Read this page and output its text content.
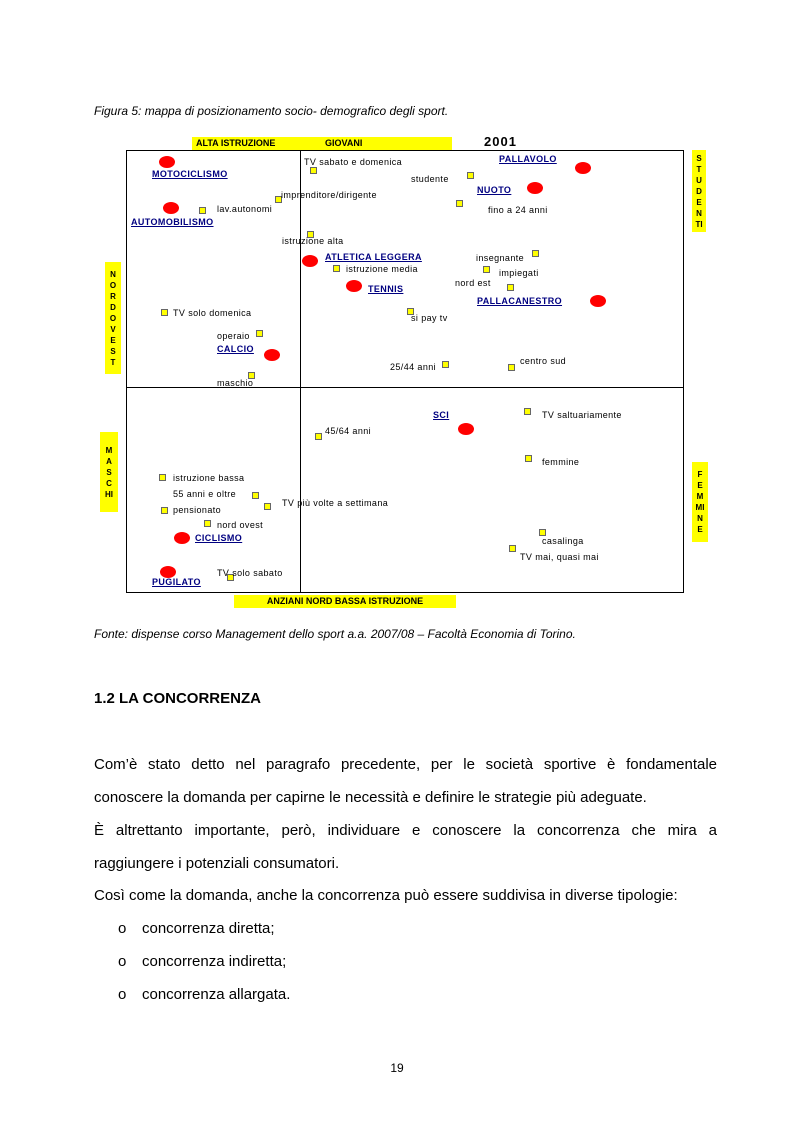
Figura 5: mappa di posizionamento socio- demografico degli sport.
ALTA ISTRUZIONE	GIOVANI	2001
NORD OVEST
MASCHI
STUDENTI
FEMMINE
MOTOCICLISMO
AUTOMOBILISMO
PALLAVOLO
NUOTO
ATLETICA LEGGERA
TENNIS
PALLACANESTRO
CALCIO
SCI
CICLISMO
PUGILATO
TV sabato e domenica
studente
imprenditore/dirigente
lav.autonomi	fino a 24 anni
istruzione alta
insegnante
istruzione media	impiegati
nord est
TV solo domenica	si pay tv
operaio
25/44 anni
centro sud
maschio
TV saltuariamente
45/64 anni
femmine
istruzione bassa
55 anni e oltre
TV più volte a settimana
pensionato
nord ovest
casalinga
TV mai, quasi mai
TV solo sabato
ANZIANI NORD BASSA ISTRUZIONE
Fonte: dispense corso Management dello sport a.a. 2007/08 – Facoltà Economia di Torino.
1.2 LA CONCORRENZA
Com’è stato detto nel paragrafo precedente, per le società sportive è fondamentale
conoscere la domanda per capirne le necessità e definire le strategie più adeguate.
È altrettanto importante, però, individuare e conoscere la concorrenza che mira a
raggiungere i potenziali consumatori.
Così come la domanda, anche la concorrenza può essere suddivisa in diverse tipologie:
o concorrenza diretta;
o concorrenza indiretta;
o concorrenza allargata.
19
